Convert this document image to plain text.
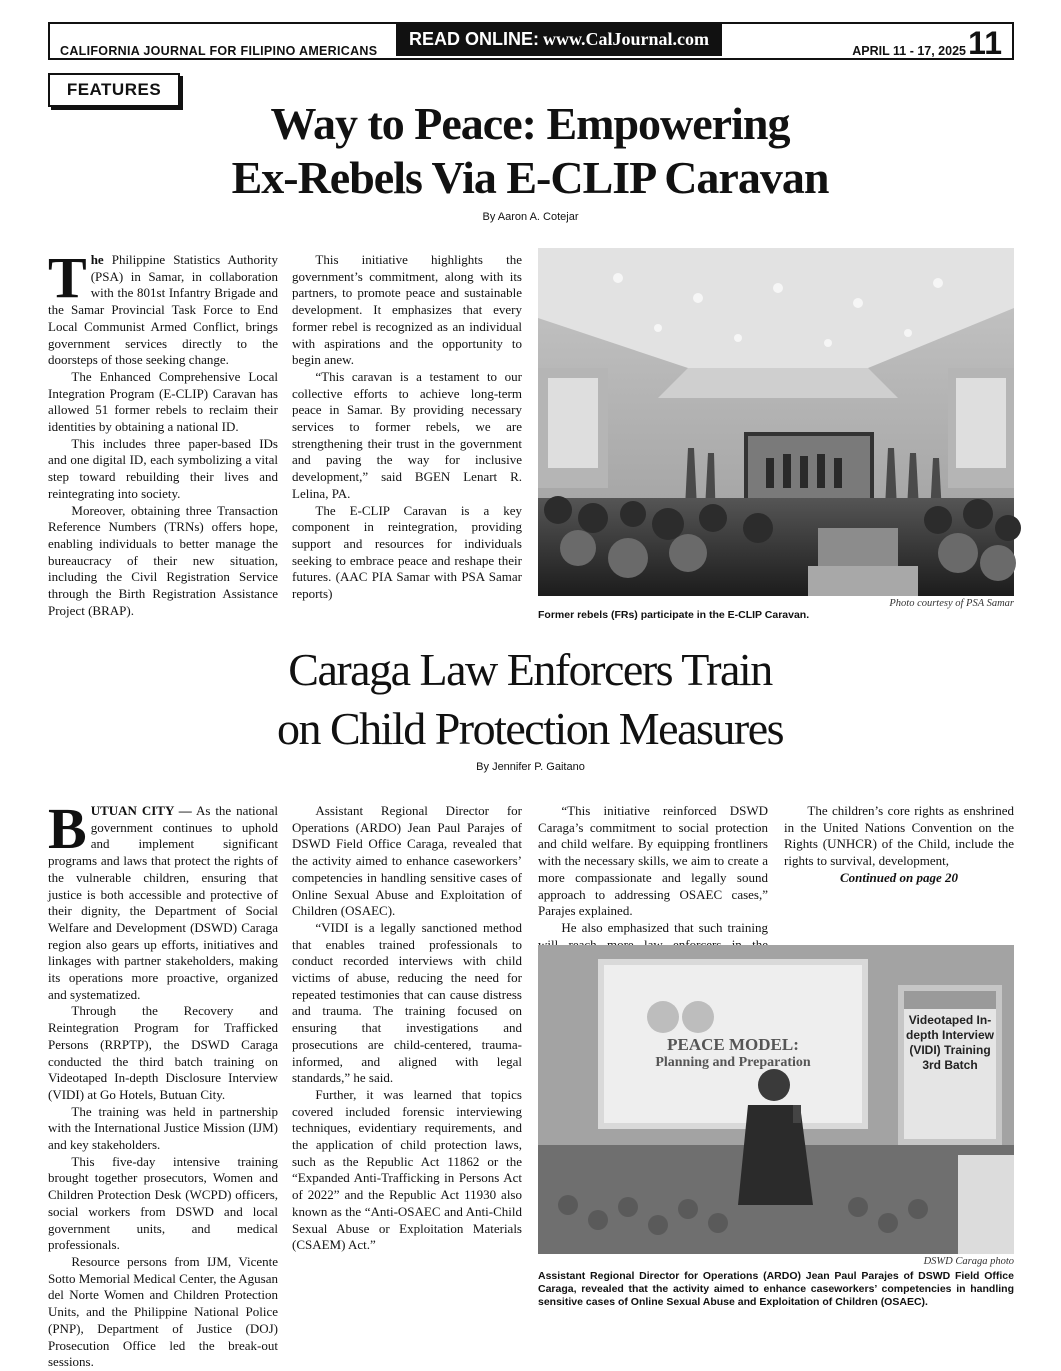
CALIFORNIA JOURNAL FOR FILIPINO AMERICANS
READ ONLINE: www.CalJournal.com
APRIL 11 - 17, 2025 11
FEATURES
Way to Peace: Empowering
Ex-Rebels Via E-CLIP Caravan
By Aaron A. Cotejar

The Philippine Statistics Authority (PSA) in Samar, in collaboration with the 801st Infantry Brigade and the Samar Provincial Task Force to End Local Communist Armed Conflict, brings government services directly to the doorsteps of those seeking change.

The Enhanced Comprehensive Local Integration Program (E-CLIP) Caravan has allowed 51 former rebels to reclaim their identities by obtaining a national ID.

This includes three paper-based IDs and one digital ID, each symbolizing a vital step toward rebuilding their lives and reintegrating into society.

Moreover, obtaining three Transaction Reference Numbers (TRNs) offers hope, enabling individuals to better manage the bureaucracy of their new situation, including the Civil Registration Service through the Birth Registration Assistance Project (BRAP).

This initiative highlights the government’s commitment, along with its partners, to promote peace and sustainable development. It emphasizes that every former rebel is recognized as an individual with aspirations and the opportunity to begin anew.

“This caravan is a testament to our collective efforts to achieve long-term peace in Samar. By providing necessary services to former rebels, we are strengthening their trust in the government and paving the way for inclusive development,” said BGEN Lenart R. Lelina, PA.

The E-CLIP Caravan is a key component in reintegration, providing support and resources for individuals seeking to embrace peace and reshape their futures. (AAC PIA Samar with PSA Samar reports)

Photo courtesy of PSA Samar
Former rebels (FRs) participate in the E-CLIP Caravan.
Caraga Law Enforcers Train
on Child Protection Measures
By Jennifer P. Gaitano

BUTUAN CITY — As the national government continues to uphold and implement significant programs and laws that protect the rights of the vulnerable children, ensuring that justice is both accessible and protective of their dignity, the Department of Social Welfare and Development (DSWD) Caraga region also gears up efforts, initiatives and linkages with partner stakeholders, making its operations more proactive, organized and systematized.

Through the Recovery and Reintegration Program for Trafficked Persons (RRPTP), the DSWD Caraga conducted the third batch training on Videotaped In-depth Disclosure Interview (VIDI) at Go Hotels, Butuan City.

The training was held in partnership with the International Justice Mission (IJM) and key stakeholders.

This five-day intensive training brought together prosecutors, Women and Children Protection Desk (WCPD) officers, social workers from DSWD and local government units, and medical professionals.

Resource persons from IJM, Vicente Sotto Memorial Medical Center, the Agusan del Norte Women and Children Protection Units, and the Philippine National Police (PNP), Department of Justice (DOJ) Prosecution Office led the break-out sessions.

Assistant Regional Director for Operations (ARDO) Jean Paul Parajes of DSWD Field Office Caraga, revealed that the activity aimed to enhance caseworkers’ competencies in handling sensitive cases of Online Sexual Abuse and Exploitation of Children (OSAEC).

“VIDI is a legally sanctioned method that enables trained professionals to conduct recorded interviews with child victims of abuse, reducing the need for repeated testimonies that can cause distress and trauma. The training focused on ensuring that investigations and prosecutions are child-centered, trauma-informed, and aligned with legal standards,” he said.

Further, it was learned that topics covered included forensic interviewing techniques, evidentiary requirements, and the application of child protection laws, such as the Republic Act 11862 or the “Expanded Anti-Trafficking in Persons Act of 2022” and the Republic Act 11930 also known as the “Anti-OSAEC and Anti-Child Sexual Abuse or Exploitation Materials (CSAEM) Act.”

“This initiative reinforced DSWD Caraga’s commitment to social protection and child welfare. By equipping frontliners with the necessary skills, we aim to create a more compassionate and legally sound approach to addressing OSAEC cases,” Parajes explained.

He also emphasized that such training

The children’s core rights as enshrined in the United Nations Convention on the Rights (UNHCR) of the Child, include the rights to survival, development,

Continued on page 20
PEACE MODEL:
Planning and Preparation
Videotaped In-depth Interview (VIDI) Training 3rd Batch
DSWD Caraga photo
Assistant Regional Director for Operations (ARDO) Jean Paul Parajes of DSWD Field Office Caraga, revealed that the activity aimed to enhance caseworkers’ competencies in handling sensitive cases of Online Sexual Abuse and Exploitation of Children (OSAEC).
